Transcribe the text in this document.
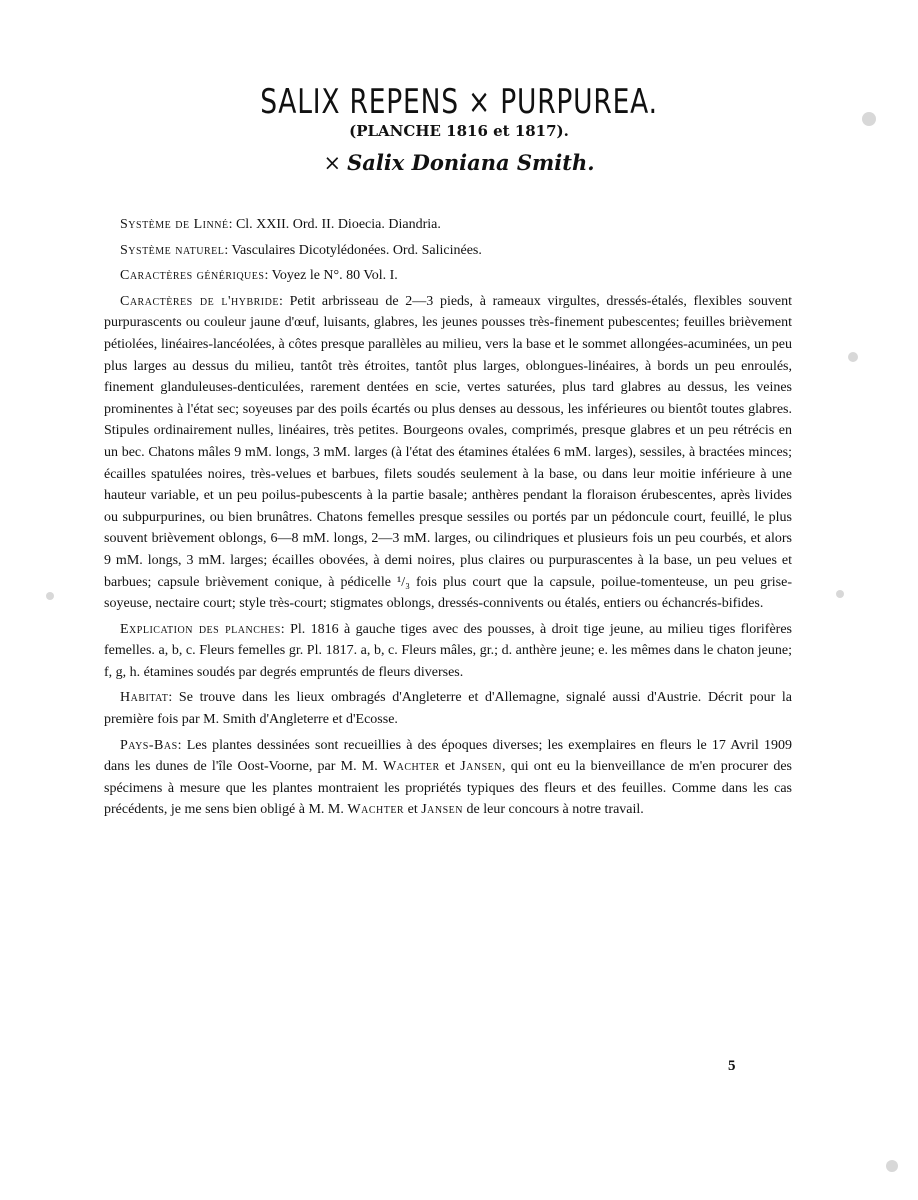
SALIX REPENS × PURPUREA.
(PLANCHE 1816 et 1817).
× Salix Doniana Smith.

Système de Linné: Cl. XXII. Ord. II. Dioecia. Diandria.

Système naturel: Vasculaires Dicotylédonées. Ord. Salicinées.

Caractères génériques: Voyez le N°. 80 Vol. I.

Caractères de l'hybride: Petit arbrisseau de 2—3 pieds, à rameaux virgultes, dressés-étalés, flexibles souvent purpurascents ou couleur jaune d'œuf, luisants, glabres, les jeunes pousses très-finement pubescentes; feuilles brièvement pétiolées, linéaires-lancéolées, à côtes presque parallèles au milieu, vers la base et le sommet allongées-acuminées, un peu plus larges au dessus du milieu, tantôt très étroites, tantôt plus larges, oblongues-linéaires, à bords un peu enroulés, finement glanduleuses-denticulées, rarement dentées en scie, vertes saturées, plus tard glabres au dessus, les veines prominentes à l'état sec; soyeuses par des poils écartés ou plus denses au dessous, les inférieures ou bientôt toutes glabres. Stipules ordinairement nulles, linéaires, très petites. Bourgeons ovales, comprimés, presque glabres et un peu rétrécis en un bec. Chatons mâles 9 mM. longs, 3 mM. larges (à l'état des étamines étalées 6 mM. larges), sessiles, à bractées minces; écailles spatulées noires, très-velues et barbues, filets soudés seulement à la base, ou dans leur moitie inférieure à une hauteur variable, et un peu poilus-pubescents à la partie basale; anthères pendant la floraison érubescentes, après livides ou subpurpurines, ou bien brunâtres. Chatons femelles presque sessiles ou portés par un pédoncule court, feuillé, le plus souvent brièvement oblongs, 6—8 mM. longs, 2—3 mM. larges, ou cilindriques et plusieurs fois un peu courbés, et alors 9 mM. longs, 3 mM. larges; écailles obovées, à demi noires, plus claires ou purpurascentes à la base, un peu velues et barbues; capsule brièvement conique, à pédicelle ¹/₃ fois plus court que la capsule, poilue-tomenteuse, un peu grise-soyeuse, nectaire court; style très-court; stigmates oblongs, dressés-connivents ou étalés, entiers ou échancrés-bifides.

Explication des planches: Pl. 1816 à gauche tiges avec des pousses, à droit tige jeune, au milieu tiges florifères femelles. a, b, c. Fleurs femelles gr. Pl. 1817. a, b, c. Fleurs mâles, gr.; d. anthère jeune; e. les mêmes dans le chaton jeune; f, g, h. étamines soudés par degrés empruntés de fleurs diverses.

Habitat: Se trouve dans les lieux ombragés d'Angleterre et d'Allemagne, signalé aussi d'Austrie. Décrit pour la première fois par M. Smith d'Angleterre et d'Ecosse.

Pays-Bas: Les plantes dessinées sont recueillies à des époques diverses; les exemplaires en fleurs le 17 Avril 1909 dans les dunes de l'île Oost-Voorne, par M. M. Wachter et Jansen, qui ont eu la bienveillance de m'en procurer des spécimens à mesure que les plantes montraient les propriétés typiques des fleurs et des feuilles. Comme dans les cas précédents, je me sens bien obligé à M. M. Wachter et Jansen de leur concours à notre travail.

5
